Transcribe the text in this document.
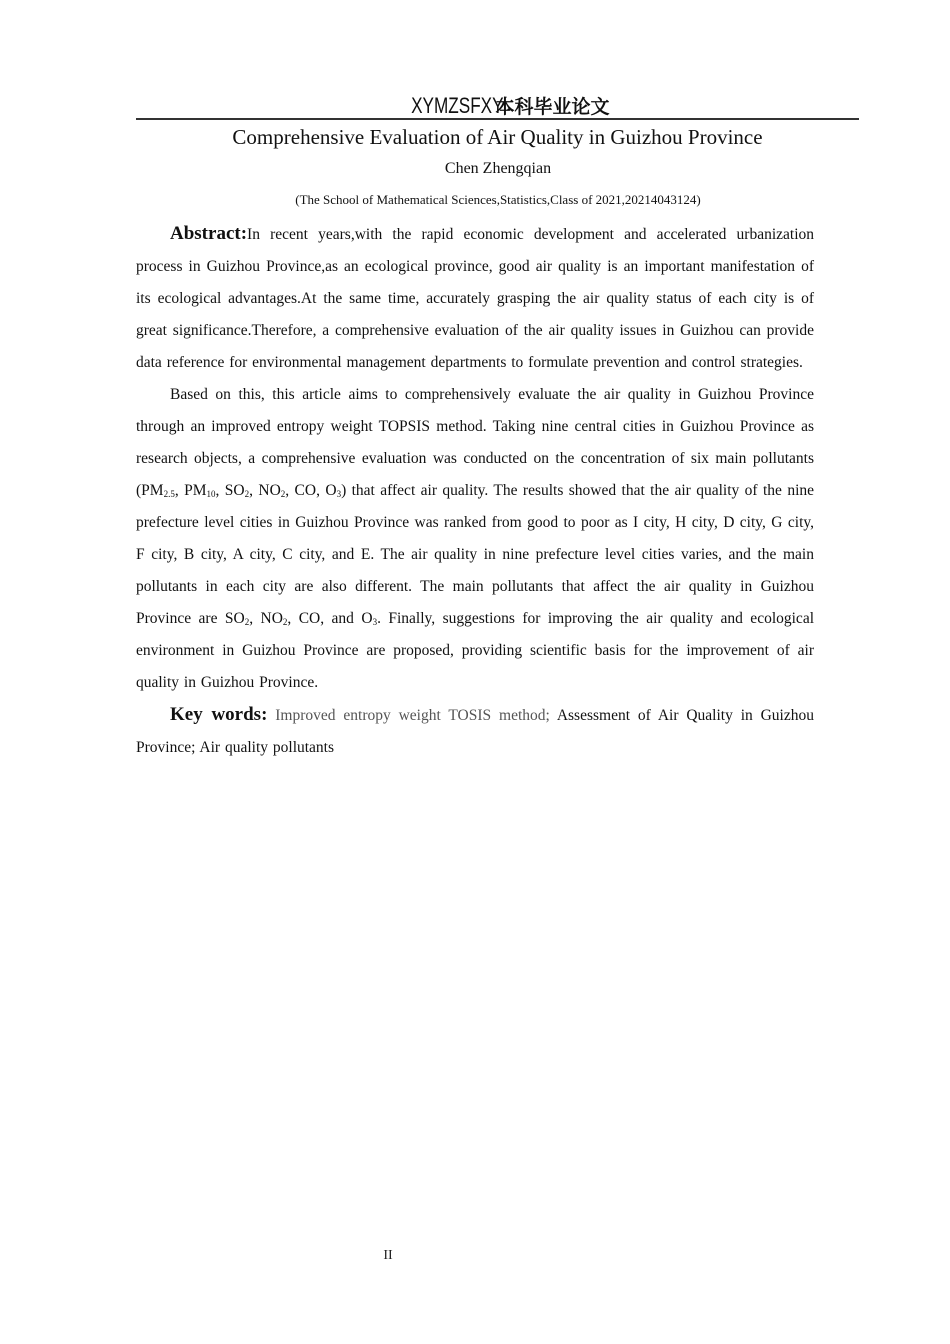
XYMZSFXY 本科毕业论文
Comprehensive Evaluation of Air Quality in Guizhou Province
Chen Zhengqian
(The School of Mathematical Sciences,Statistics,Class of 2021,20214043124)

Abstract:In recent years,with the rapid economic development and accelerated urbanization process in Guizhou Province,as an ecological province, good air quality is an important manifestation of its ecological advantages.At the same time, accurately grasping the air quality status of each city is of great significance.Therefore, a comprehensive evaluation of the air quality issues in Guizhou can provide data reference for environmental management departments to formulate prevention and control strategies.

Based on this, this article aims to comprehensively evaluate the air quality in Guizhou Province through an improved entropy weight TOPSIS method. Taking nine central cities in Guizhou Province as research objects, a comprehensive evaluation was conducted on the concentration of six main pollutants ($PM_{2.5}$, $PM_{10}$, $SO_2$, $NO_2$, CO, $O_3$) that affect air quality. The results showed that the air quality of the nine prefecture level cities in Guizhou Province was ranked from good to poor as I city, H city, D city, G city, F city, B city, A city, C city, and E. The air quality in nine prefecture level cities varies, and the main pollutants in each city are also different. The main pollutants that affect the air quality in Guizhou Province are $SO_2$, $NO_2$, CO, and $O_3$. Finally, suggestions for improving the air quality and ecological environment in Guizhou Province are proposed, providing scientific basis for the improvement of air quality in Guizhou Province.

Key words: Improved entropy weight TOSIS method; Assessment of Air Quality in Guizhou Province; Air quality pollutants

II
